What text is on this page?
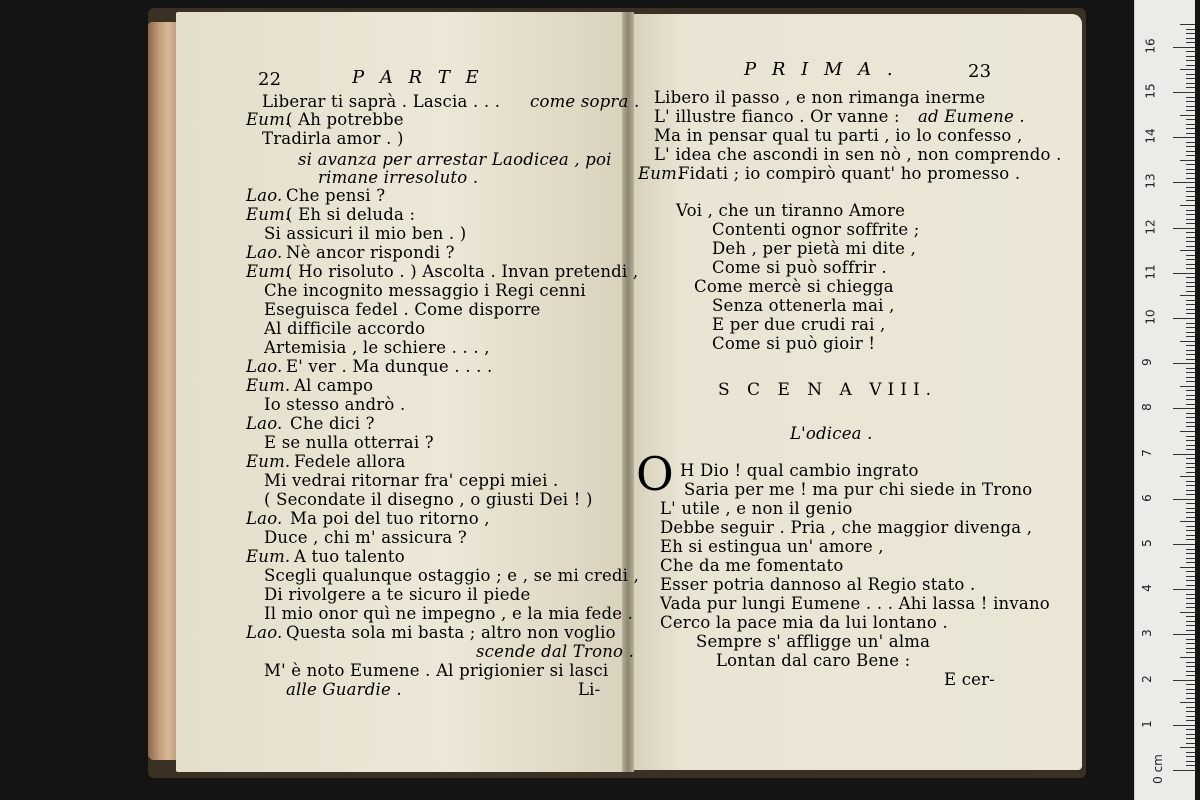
22	P A R T E	P R I M A .	23
Liberar ti saprà . Lascia . . . come sopra .
Eum.
( Ah potrebbe
Tradirla amor . )
si avanza per arrestar Laodicea , poi
rimane irresoluto .
Lao. Che pensi ?
Eum.
( Eh si deluda :
Si assicuri il mio ben . )
Lao. Nè ancor rispondi ?
Eum.
( Ho risoluto . ) Ascolta . Invan pretendi ,
Che incognito messaggio i Regi cenni
Eseguisca fedel . Come disporre
Al difficile accordo
Artemisia , le schiere . . . ,
Lao. E' ver . Ma dunque . . . .
Eum. Al campo
Io stesso andrò .
Lao. Che dici ?
E se nulla otterrai ?
Eum. Fedele allora
Mi vedrai ritornar fra' ceppi miei .
( Secondate il disegno , o giusti Dei ! )
Lao. Ma poi del tuo ritorno ,
Duce , chi m' assicura ?
Eum. A tuo talento
Scegli qualunque ostaggio ; e , se mi credi ,
Di rivolgere a te sicuro il piede
Il mio onor quì ne impegno , e la mia fede .
Lao. Questa sola mi basta ; altro non voglio
scende dal Trono .
M' è noto Eumene . Al prigionier si lasci
alle Guardie .	Li-
Libero il passo , e non rimanga inerme
L' illustre fianco . Or vanne : ad Eumene .
Ma in pensar qual tu parti , io lo confesso ,
L' idea che ascondi in sen nò , non comprendo .
Eum.
Fidati ; io compirò quant' ho promesso .
Voi , che un tiranno Amore
Contenti ognor soffrite ;
Deh , per pietà mi dite ,
Come si può soffrir .
Come mercè si chiegga
Senza ottenerla mai ,
E per due crudi rai ,
Come si può gioir !
L'odicea .
H Dio ! qual cambio ingrato
Saria per me ! ma pur chi siede in Trono
L' utile , e non il genio
Debbe seguir . Pria , che maggior divenga ,
Eh si estingua un' amore ,
Che da me fomentato
Esser potria dannoso al Regio stato .
Vada pur lungi Eumene . . . Ahi lassa ! invano
Cerco la pace mia da lui lontano .
Sempre s' affligge un' alma
Lontan dal caro Bene :
E cer-
S C E N A VIII.
O
0 cm
1
2
3
4
5
6
7
8
9
10
11
12
13
14
15
16
